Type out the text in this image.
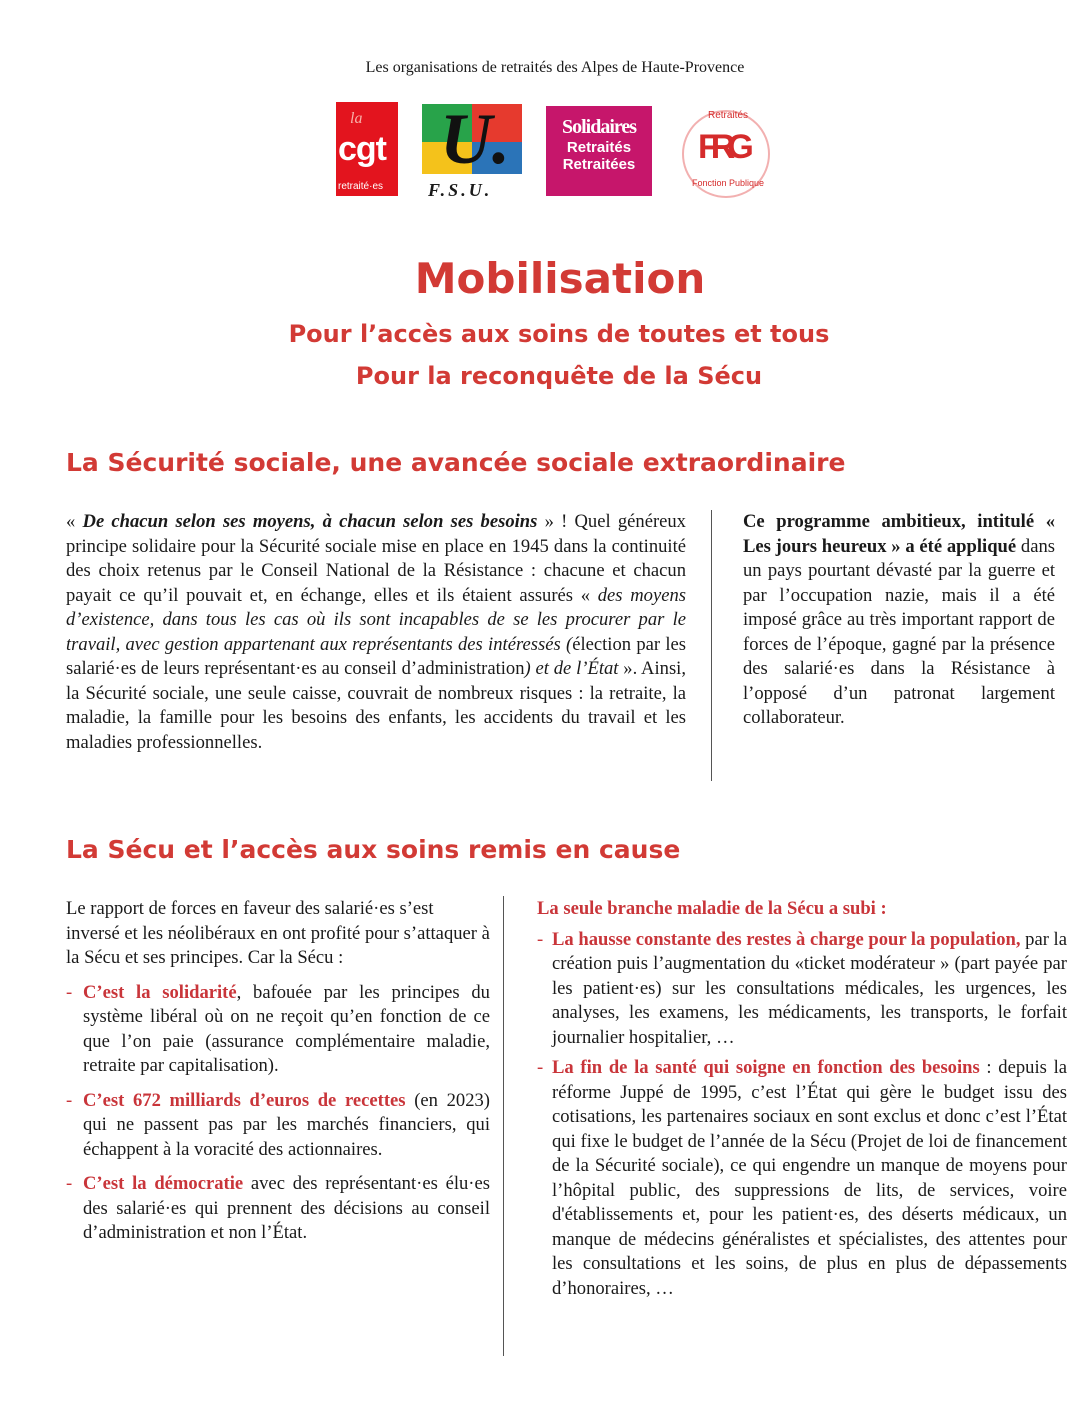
Les organisations de retraités des Alpes de Haute-Provence
la
cgt
retraité·es
U.
F.S.U.
Solidaires
Retraités
Retraitées
Retraités
FRG
Fonction Publique
Mobilisation
Pour l’accès aux soins de toutes et tous
Pour la reconquête de la Sécu
La Sécurité sociale, une avancée sociale extraordinaire
« De chacun selon ses moyens, à chacun selon ses besoins » ! Quel généreux principe solidaire pour la Sécurité sociale mise en place en 1945 dans la continuité des choix retenus par le Conseil National de la Résistance : chacune et chacun payait ce qu’il pouvait et, en échange, elles et ils étaient assurés « des moyens d’existence, dans tous les cas où ils sont incapables de se les procurer par le travail, avec gestion appartenant aux représentants des intéressés (élection par les salarié·es de leurs représentant·es au conseil d’administration) et de l’État ». Ainsi, la Sécurité sociale, une seule caisse, couvrait de nombreux risques : la retraite, la maladie, la famille pour les besoins des enfants, les accidents du travail et les maladies professionnelles.
Ce programme ambitieux, intitulé « Les jours heureux » a été appliqué dans un pays pourtant dévasté par la guerre et par l’occupation nazie, mais il a été imposé grâce au très important rapport de forces de l’époque, gagné par la présence des salarié·es dans la Résistance à l’opposé d’un patronat largement collaborateur.
La Sécu et l’accès aux soins remis en cause
Le rapport de forces en faveur des salarié·es s’est inversé et les néolibéraux en ont profité pour s’attaquer à la Sécu et ses principes. Car la Sécu :
- C’est la solidarité, bafouée par les principes du système libéral où on ne reçoit qu’en fonction de ce que l’on paie (assurance complémentaire maladie, retraite par capitalisation).
- C’est 672 milliards d’euros de recettes (en 2023) qui ne passent pas par les marchés financiers, qui échappent à la voracité des actionnaires.
- C’est la démocratie avec des représentant·es élu·es des salarié·es qui prennent des décisions au conseil d’administration et non l’État.
La seule branche maladie de la Sécu a subi :
- La hausse constante des restes à charge pour la population, par la création puis l’augmentation du «ticket modérateur » (part payée par les patient·es) sur les consultations médicales, les urgences, les analyses, les examens, les médicaments, les transports, le forfait journalier hospitalier, …
- La fin de la santé qui soigne en fonction des besoins : depuis la réforme Juppé de 1995, c’est l’État qui gère le budget issu des cotisations, les partenaires sociaux en sont exclus et donc c’est l’État qui fixe le budget de l’année de la Sécu (Projet de loi de financement de la Sécurité sociale), ce qui engendre un manque de moyens pour l’hôpital public, des suppressions de lits, de services, voire d'établissements et, pour les patient·es, des déserts médicaux, un manque de médecins généralistes et spécialistes, des attentes pour les consultations et les soins, de plus en plus de dépassements d’honoraires, …
